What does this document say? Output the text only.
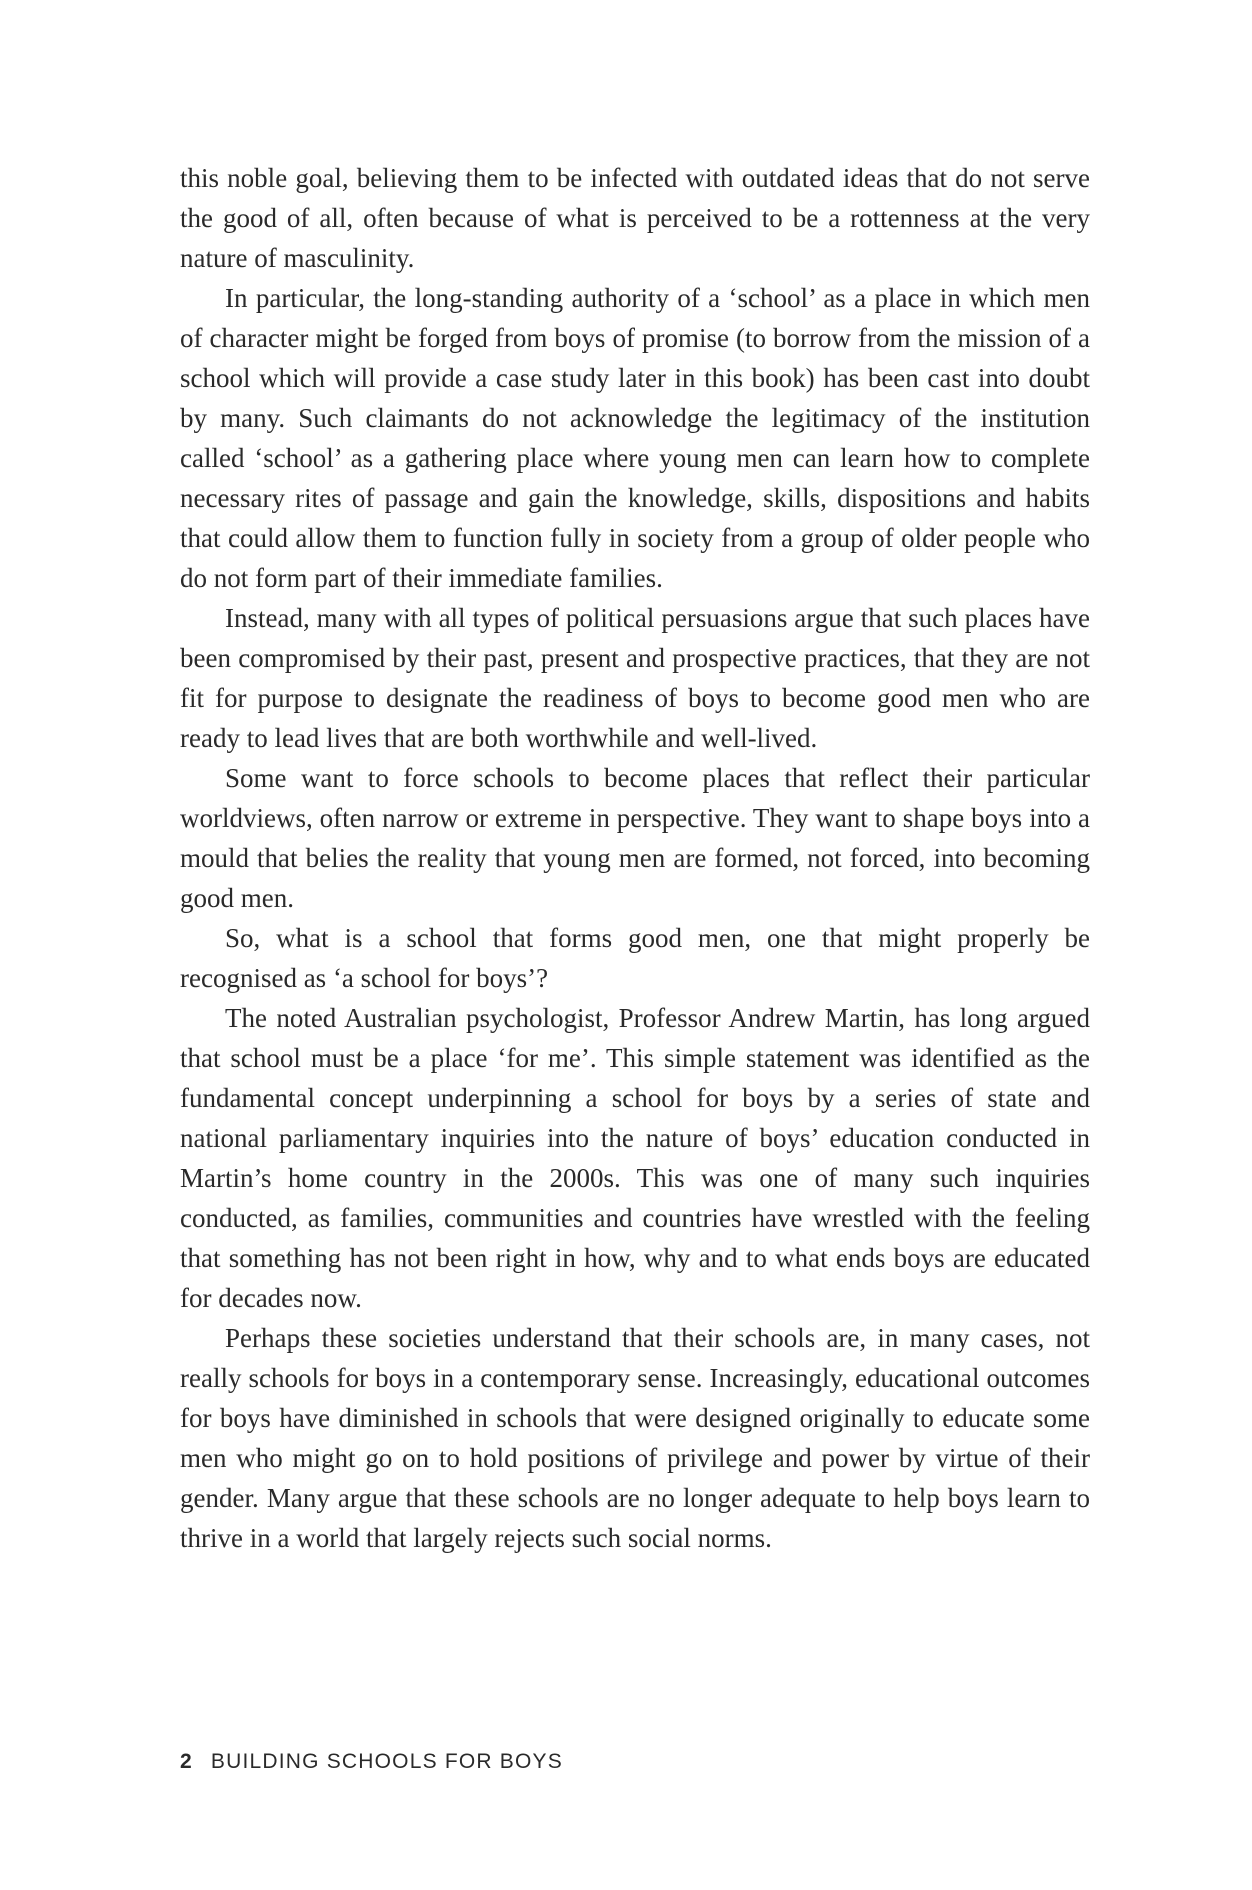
this noble goal, believing them to be infected with outdated ideas that do not serve the good of all, often because of what is perceived to be a rottenness at the very nature of masculinity.

In particular, the long-standing authority of a ‘school’ as a place in which men of character might be forged from boys of promise (to borrow from the mission of a school which will provide a case study later in this book) has been cast into doubt by many. Such claimants do not acknowledge the legitimacy of the institution called ‘school’ as a gathering place where young men can learn how to complete necessary rites of passage and gain the knowledge, skills, dispositions and habits that could allow them to function fully in society from a group of older people who do not form part of their immediate families.

Instead, many with all types of political persuasions argue that such places have been compromised by their past, present and prospective practices, that they are not fit for purpose to designate the readiness of boys to become good men who are ready to lead lives that are both worthwhile and well-lived.

Some want to force schools to become places that reflect their particular worldviews, often narrow or extreme in perspective. They want to shape boys into a mould that belies the reality that young men are formed, not forced, into becoming good men.

So, what is a school that forms good men, one that might properly be recognised as ‘a school for boys’?

The noted Australian psychologist, Professor Andrew Martin, has long argued that school must be a place ‘for me’. This simple statement was identified as the fundamental concept underpinning a school for boys by a series of state and national parliamentary inquiries into the nature of boys’ education conducted in Martin’s home country in the 2000s. This was one of many such inquiries conducted, as families, communities and countries have wrestled with the feeling that something has not been right in how, why and to what ends boys are educated for decades now.

Perhaps these societies understand that their schools are, in many cases, not really schools for boys in a contemporary sense. Increasingly, educational outcomes for boys have diminished in schools that were designed originally to educate some men who might go on to hold positions of privilege and power by virtue of their gender. Many argue that these schools are no longer adequate to help boys learn to thrive in a world that largely rejects such social norms.

2 BUILDING SCHOOLS FOR BOYS
